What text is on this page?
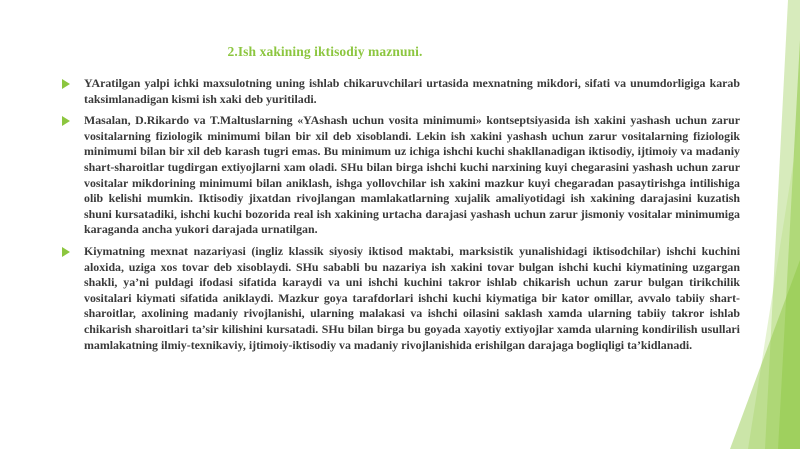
2.Ish xakining iktisodiy maznuni.

YAratilgan yalpi ichki maxsulotning uning ishlab chikaruvchilari urtasida mexnatning mikdori, sifati va unumdorligiga karab taksimlanadigan kismi ish xaki deb yuritiladi.

Masalan, D.Rikardo va T.Maltuslarning «YAshash uchun vosita minimumi» kontseptsiyasida ish xakini yashash uchun zarur vositalarning fiziologik minimumi bilan bir xil deb xisoblandi. Lekin ish xakini yashash uchun zarur vositalarning fiziologik minimumi bilan bir xil deb karash tugri emas. Bu minimum uz ichiga ishchi kuchi shakllanadigan iktisodiy, ijtimoiy va madaniy shart-sharoitlar tugdirgan extiyojlarni xam oladi. SHu bilan birga ishchi kuchi narxining kuyi chegarasini yashash uchun zarur vositalar mikdorining minimumi bilan aniklash, ishga yollovchilar ish xakini mazkur kuyi chegaradan pasaytirishga intilishiga olib kelishi mumkin. Iktisodiy jixatdan rivojlangan mamlakatlarning xujalik amaliyotidagi ish xakining darajasini kuzatish shuni kursatadiki, ishchi kuchi bozorida real ish xakining urtacha darajasi yashash uchun zarur jismoniy vositalar minimumiga karaganda ancha yukori darajada urnatilgan.

Kiymatning mexnat nazariyasi (ingliz klassik siyosiy iktisod maktabi, marksistik yunalishidagi iktisodchilar) ishchi kuchini aloxida, uziga xos tovar deb xisoblaydi. SHu sababli bu nazariya ish xakini tovar bulgan ishchi kuchi kiymatining uzgargan shakli, ya’ni puldagi ifodasi sifatida karaydi va uni ishchi kuchini takror ishlab chikarish uchun zarur bulgan tirikchilik vositalari kiymati sifatida aniklaydi. Mazkur goya tarafdorlari ishchi kuchi kiymatiga bir kator omillar, avvalo tabiiy shart-sharoitlar, axolining madaniy rivojlanishi, ularning malakasi va ishchi oilasini saklash xamda ularning tabiiy takror ishlab chikarish sharoitlari ta’sir kilishini kursatadi. SHu bilan birga bu goyada xayotiy extiyojlar xamda ularning kondirilish usullari mamlakatning ilmiy-texnikaviy, ijtimoiy-iktisodiy va madaniy rivojlanishida erishilgan darajaga bogliqligi ta’kidlanadi.
